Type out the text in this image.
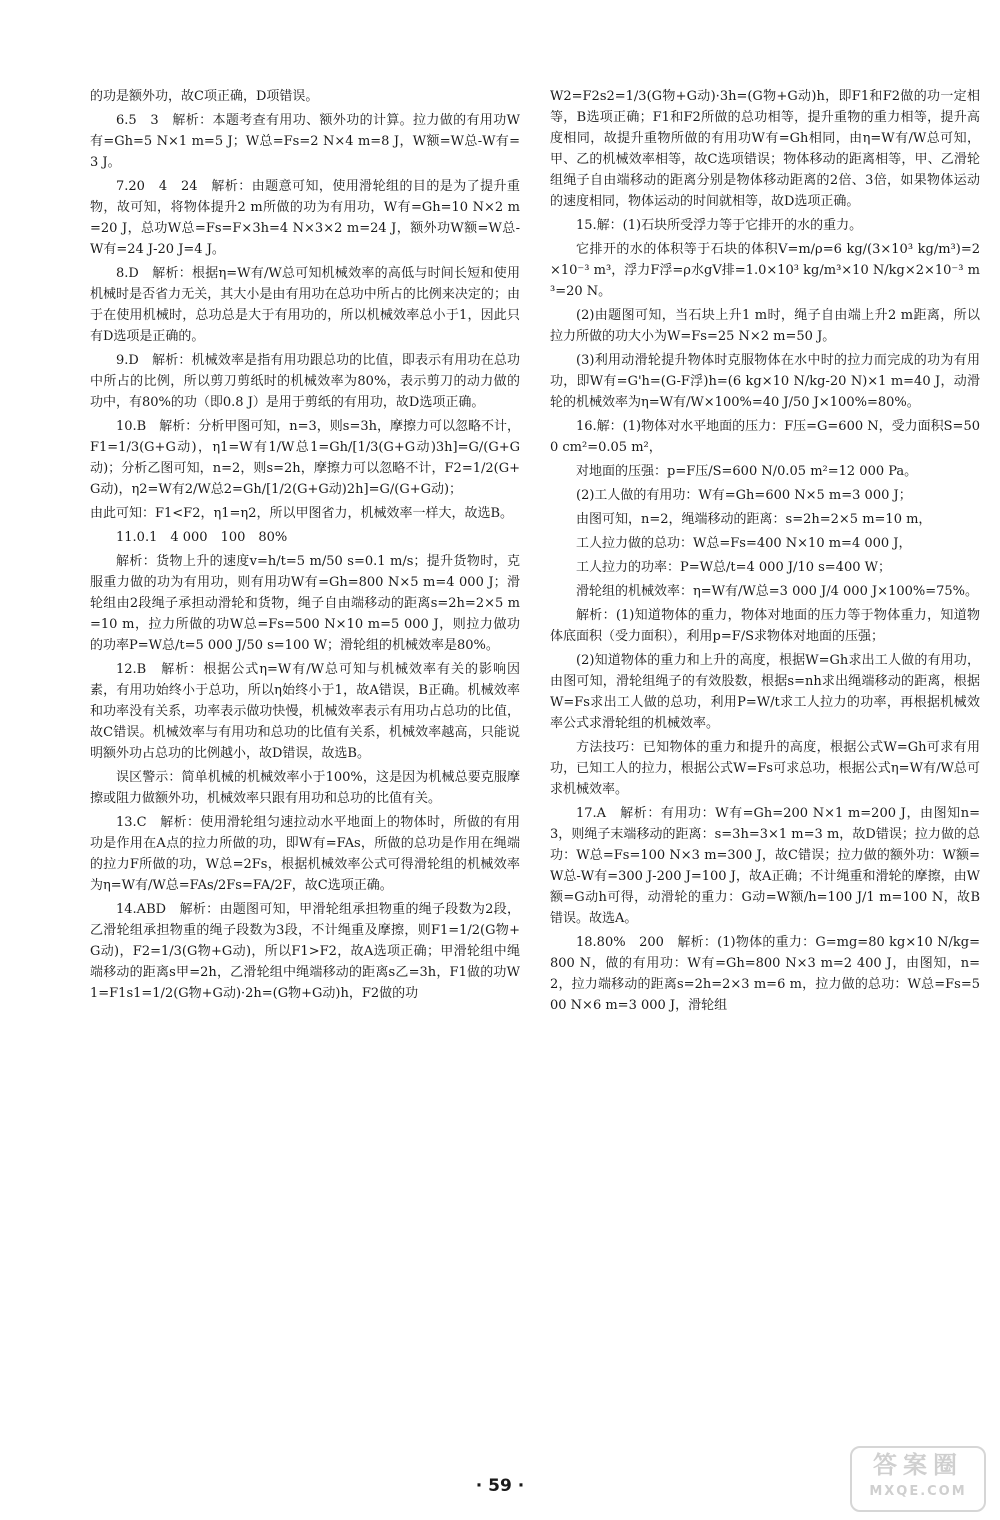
的功是额外功，故C项正确，D项错误。

6.5　3　解析：本题考查有用功、额外功的计算。拉力做的有用功W有=Gh=5 N×1 m=5 J；W总=Fs=2 N×4 m=8 J，W额=W总-W有=3 J。

7.20　4　24　解析：由题意可知，使用滑轮组的目的是为了提升重物，故可知，将物体提升2 m所做的功为有用功，W有=Gh=10 N×2 m=20 J，总功W总=Fs=F×3h=4 N×3×2 m=24 J，额外功W额=W总-W有=24 J-20 J=4 J。

8.D　解析：根据η=W有/W总可知机械效率的高低与时间长短和使用机械时是否省力无关，其大小是由有用功在总功中所占的比例来决定的；由于在使用机械时，总功总是大于有用功的，所以机械效率总小于1，因此只有D选项是正确的。

9.D　解析：机械效率是指有用功跟总功的比值，即表示有用功在总功中所占的比例，所以剪刀剪纸时的机械效率为80%，表示剪刀的动力做的功中，有80%的功（即0.8 J）是用于剪纸的有用功，故D选项正确。

10.B　解析：分析甲图可知，n=3，则s=3h，摩擦力可以忽略不计，F1=1/3(G+G动)，η1=W有1/W总1=Gh/[1/3(G+G动)3h]=G/(G+G动)；分析乙图可知，n=2，则s=2h，摩擦力可以忽略不计，F2=1/2(G+G动)，η2=W有2/W总2=Gh/[1/2(G+G动)2h]=G/(G+G动)；

由此可知：F1<F2，η1=η2，所以甲图省力，机械效率一样大，故选B。

11.0.1　4 000　100　80%

解析：货物上升的速度v=h/t=5 m/50 s=0.1 m/s；提升货物时，克服重力做的功为有用功，则有用功W有=Gh=800 N×5 m=4 000 J；滑轮组由2段绳子承担动滑轮和货物，绳子自由端移动的距离s=2h=2×5 m=10 m，拉力所做的功W总=Fs=500 N×10 m=5 000 J，则拉力做功的功率P=W总/t=5 000 J/50 s=100 W；滑轮组的机械效率是80%。

12.B　解析：根据公式η=W有/W总可知与机械效率有关的影响因素，有用功始终小于总功，所以η始终小于1，故A错误，B正确。机械效率和功率没有关系，功率表示做功快慢，机械效率表示有用功占总功的比值，故C错误。机械效率与有用功和总功的比值有关系，机械效率越高，只能说明额外功占总功的比例越小，故D错误，故选B。

误区警示：简单机械的机械效率小于100%，这是因为机械总要克服摩擦或阻力做额外功，机械效率只跟有用功和总功的比值有关。

13.C　解析：使用滑轮组匀速拉动水平地面上的物体时，所做的有用功是作用在A点的拉力所做的功，即W有=FAs，所做的总功是作用在绳端的拉力F所做的功，W总=2Fs，根据机械效率公式可得滑轮组的机械效率为η=W有/W总=FAs/2Fs=FA/2F，故C选项正确。

14.ABD　解析：由题图可知，甲滑轮组承担物重的绳子段数为2段，乙滑轮组承担物重的绳子段数为3段，不计绳重及摩擦，则F1=1/2(G物+G动)，F2=1/3(G物+G动)，所以F1>F2，故A选项正确；甲滑轮组中绳端移动的距离s甲=2h，乙滑轮组中绳端移动的距离s乙=3h，F1做的功W1=F1s1=1/2(G物+G动)·2h=(G物+G动)h，F2做的功

W2=F2s2=1/3(G物+G动)·3h=(G物+G动)h，即F1和F2做的功一定相等，B选项正确；F1和F2所做的总功相等，提升重物的重力相等，提升高度相同，故提升重物所做的有用功W有=Gh相同，由η=W有/W总可知，甲、乙的机械效率相等，故C选项错误；物体移动的距离相等，甲、乙滑轮组绳子自由端移动的距离分别是物体移动距离的2倍、3倍，如果物体运动的速度相同，物体运动的时间就相等，故D选项正确。

15.解：(1)石块所受浮力等于它排开的水的重力。

它排开的水的体积等于石块的体积V=m/ρ=6 kg/(3×10³ kg/m³)=2×10⁻³ m³，浮力F浮=ρ水gV排=1.0×10³ kg/m³×10 N/kg×2×10⁻³ m³=20 N。

(2)由题图可知，当石块上升1 m时，绳子自由端上升2 m距离，所以拉力所做的功大小为W=Fs=25 N×2 m=50 J。

(3)利用动滑轮提升物体时克服物体在水中时的拉力而完成的功为有用功，即W有=G'h=(G-F浮)h=(6 kg×10 N/kg-20 N)×1 m=40 J，动滑轮的机械效率为η=W有/W×100%=40 J/50 J×100%=80%。

16.解：(1)物体对水平地面的压力：F压=G=600 N，受力面积S=500 cm²=0.05 m²，

对地面的压强：p=F压/S=600 N/0.05 m²=12 000 Pa。

(2)工人做的有用功：W有=Gh=600 N×5 m=3 000 J；

由图可知，n=2，绳端移动的距离：s=2h=2×5 m=10 m，

工人拉力做的总功：W总=Fs=400 N×10 m=4 000 J，

工人拉力的功率：P=W总/t=4 000 J/10 s=400 W；

滑轮组的机械效率：η=W有/W总=3 000 J/4 000 J×100%=75%。

解析：(1)知道物体的重力，物体对地面的压力等于物体重力，知道物体底面积（受力面积），利用p=F/S求物体对地面的压强；

(2)知道物体的重力和上升的高度，根据W=Gh求出工人做的有用功，由图可知，滑轮组绳子的有效股数，根据s=nh求出绳端移动的距离，根据W=Fs求出工人做的总功，利用P=W/t求工人拉力的功率，再根据机械效率公式求滑轮组的机械效率。

方法技巧：已知物体的重力和提升的高度，根据公式W=Gh可求有用功，已知工人的拉力，根据公式W=Fs可求总功，根据公式η=W有/W总可求机械效率。

17.A　解析：有用功：W有=Gh=200 N×1 m=200 J，由图知n=3，则绳子末端移动的距离：s=3h=3×1 m=3 m，故D错误；拉力做的总功：W总=Fs=100 N×3 m=300 J，故C错误；拉力做的额外功：W额=W总-W有=300 J-200 J=100 J，故A正确；不计绳重和滑轮的摩擦，由W额=G动h可得，动滑轮的重力：G动=W额/h=100 J/1 m=100 N，故B错误。故选A。

18.80%　200　解析：(1)物体的重力：G=mg=80 kg×10 N/kg=800 N，做的有用功：W有=Gh=800 N×3 m=2 400 J，由图知，n=2，拉力端移动的距离s=2h=2×3 m=6 m，拉力做的总功：W总=Fs=500 N×6 m=3 000 J，滑轮组

· 59 ·
答案圈
MXQE.COM
